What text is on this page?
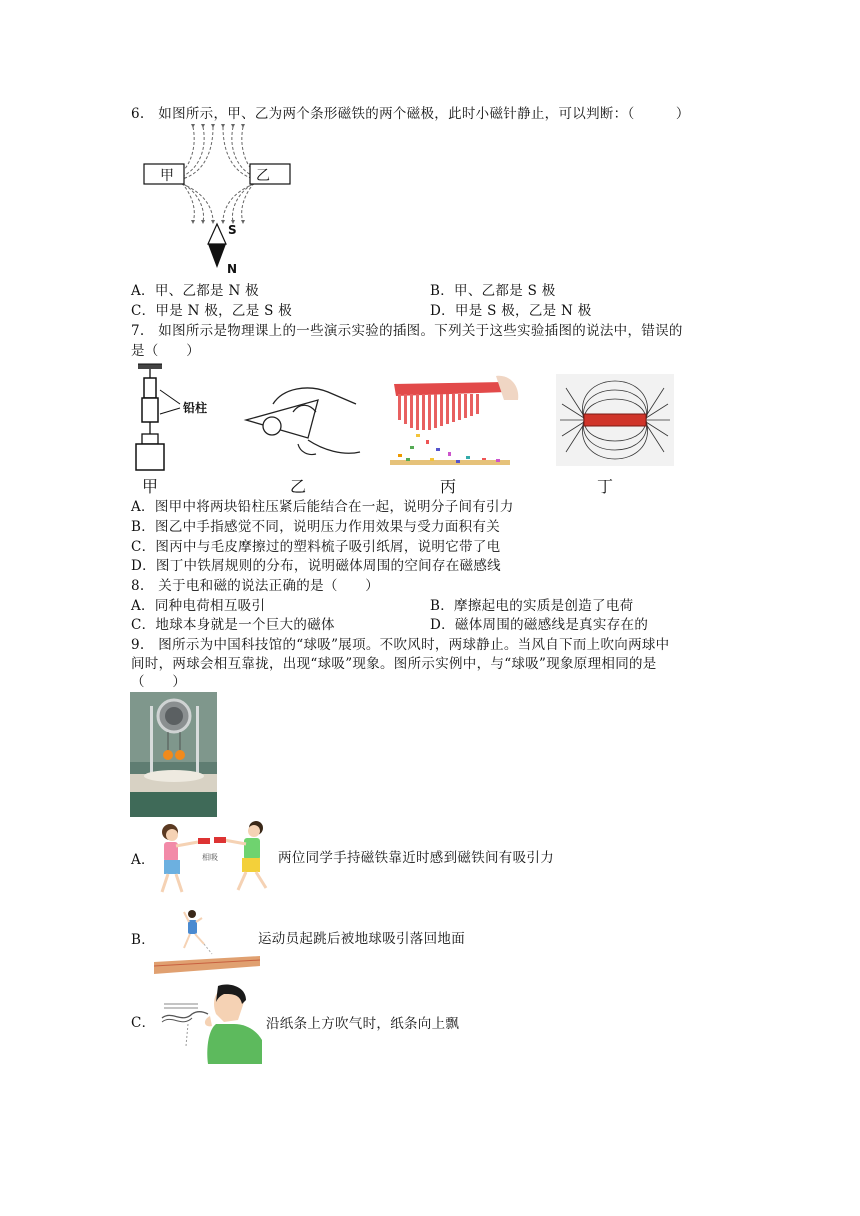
6.　如图所示，甲、乙为两个条形磁铁的两个磁极，此时小磁针静止，可以判断：（　　　）
甲	乙
S
N
A．甲、乙都是 N 极	B．甲、乙都是 S 极
C．甲是 N 极，乙是 S 极	D．甲是 S 极，乙是 N 极
7.　如图所示是物理课上的一些演示实验的插图。下列关于这些实验插图的说法中，错误的
是（　　）
铅柱
甲	乙	丙	丁
A．图甲中将两块铅柱压紧后能结合在一起，说明分子间有引力
B．图乙中手指感觉不同，说明压力作用效果与受力面积有关
C．图丙中与毛皮摩擦过的塑料梳子吸引纸屑，说明它带了电
D．图丁中铁屑规则的分布，说明磁体周围的空间存在磁感线
8.　关于电和磁的说法正确的是（　　）
A．同种电荷相互吸引	B．摩擦起电的实质是创造了电荷
C．地球本身就是一个巨大的磁体	D．磁体周围的磁感线是真实存在的
9.　图所示为中国科技馆的“球吸”展项。不吹风时，两球静止。当风自下而上吹向两球中
间时，两球会相互靠拢，出现“球吸”现象。图所示实例中，与“球吸”现象原理相同的是
（　　）
A．	相吸	两位同学手持磁铁靠近时感到磁铁间有吸引力
B．	运动员起跳后被地球吸引落回地面
C．	沿纸条上方吹气时，纸条向上飘
